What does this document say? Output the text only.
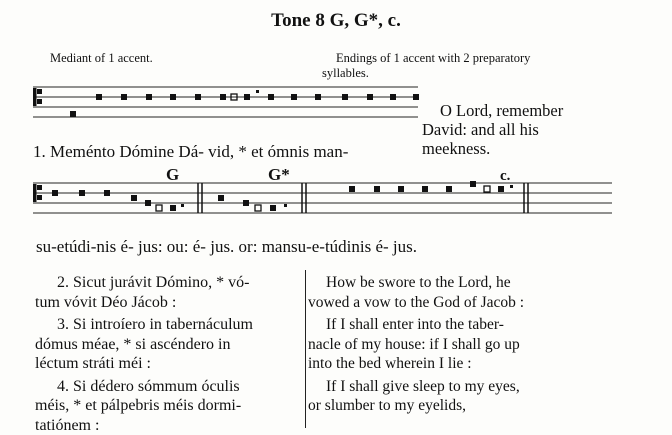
Tone 8 G, G*, c.
Mediant of 1 accent.	Endings of 1 accent with 2 preparatory
syllables.
1. Meménto Dómine Dá- vid, * et ómnis man-
O Lord, remember
David: and all his
meekness.
G	G*	c.
su-etúdi-nis é- jus: ou: é- jus. or: mansu-e-túdinis é- jus.
2. Sicut jurávit Dómino, * vó-
tum vóvit Déo Jácob :
3. Si introíero in tabernáculum
dómus méae, * si ascéndero in
léctum stráti méi :
4. Si dédero sómmum óculis
méis, * et pálpebris méis dormi-
tatiónem :
How be swore to the Lord, he
vowed a vow to the God of Jacob :
If I shall enter into the taber-
nacle of my house: if I shall go up
into the bed wherein I lie :
If I shall give sleep to my eyes,
or slumber to my eyelids,
